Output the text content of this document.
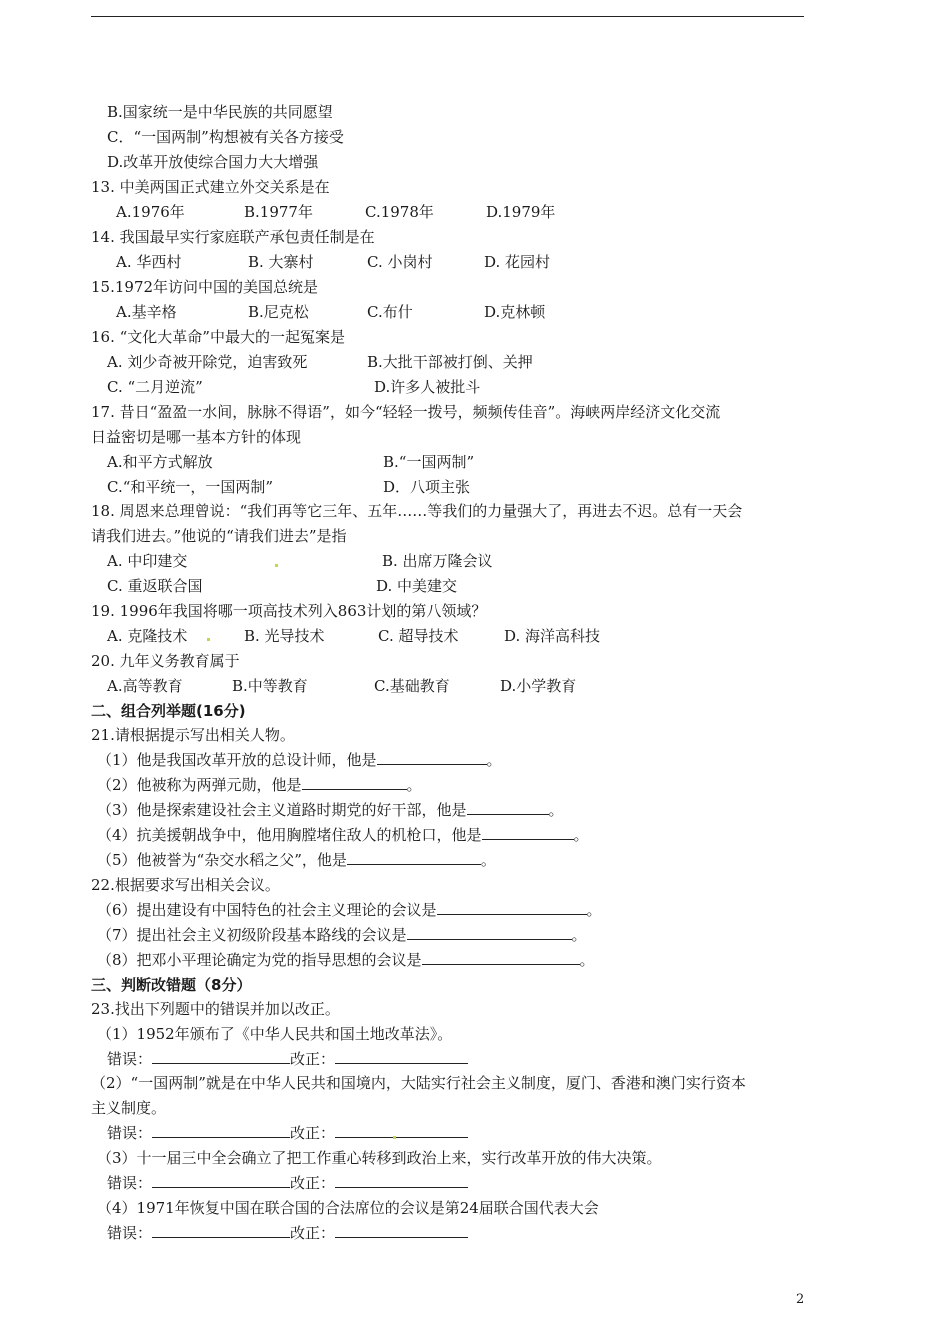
B.国家统一是中华民族的共同愿望
C．“一国两制”构想被有关各方接受
D.改革开放使综合国力大大增强
13. 中美两国正式建立外交关系是在
A.1976年	B.1977年	C.1978年	D.1979年
14. 我国最早实行家庭联产承包责任制是在
A. 华西村	B. 大寨村	C. 小岗村	D. 花园村
15.1972年访问中国的美国总统是
A.基辛格	B.尼克松	C.布什	D.克林顿
16. “文化大革命”中最大的一起冤案是
A. 刘少奇被开除党，迫害致死	B.大批干部被打倒、关押
C. “二月逆流”	D.许多人被批斗
17. 昔日“盈盈一水间，脉脉不得语”，如今“轻轻一拨号，频频传佳音”。海峡两岸经济文化交流
日益密切是哪一基本方针的体现
A.和平方式解放	B.“一国两制”
C.“和平统一，一国两制”	D．八项主张
18. 周恩来总理曾说：“我们再等它三年、五年……等我们的力量强大了，再进去不迟。总有一天会
请我们进去。”他说的“请我们进去”是指
A. 中印建交	B. 出席万隆会议
C. 重返联合国	D. 中美建交
19. 1996年我国将哪一项高技术列入863计划的第八领域？
A. 克隆技术	B. 光导技术	C. 超导技术	D. 海洋高科技
20. 九年义务教育属于
A.高等教育	B.中等教育	C.基础教育	D.小学教育
二、组合列举题(16分)
21.请根据提示写出相关人物。
（1）他是我国改革开放的总设计师，他是	。
（2）他被称为两弹元勋，他是	。
（3）他是探索建设社会主义道路时期党的好干部，他是	。
（4）抗美援朝战争中，他用胸膛堵住敌人的机枪口，他是	。
（5）他被誉为“杂交水稻之父”，他是	。
22.根据要求写出相关会议。
（6）提出建设有中国特色的社会主义理论的会议是	。
（7）提出社会主义初级阶段基本路线的会议是	。
（8）把邓小平理论确定为党的指导思想的会议是	。
三、判断改错题（8分）
23.找出下列题中的错误并加以改正。
（1）1952年颁布了《中华人民共和国土地改革法》。
错误：	改正：
（2）“一国两制”就是在中华人民共和国境内，大陆实行社会主义制度，厦门、香港和澳门实行资本
主义制度。
错误：	改正：
（3）十一届三中全会确立了把工作重心转移到政治上来，实行改革开放的伟大决策。
错误：	改正：
（4）1971年恢复中国在联合国的合法席位的会议是第24届联合国代表大会
错误：	改正：
2
